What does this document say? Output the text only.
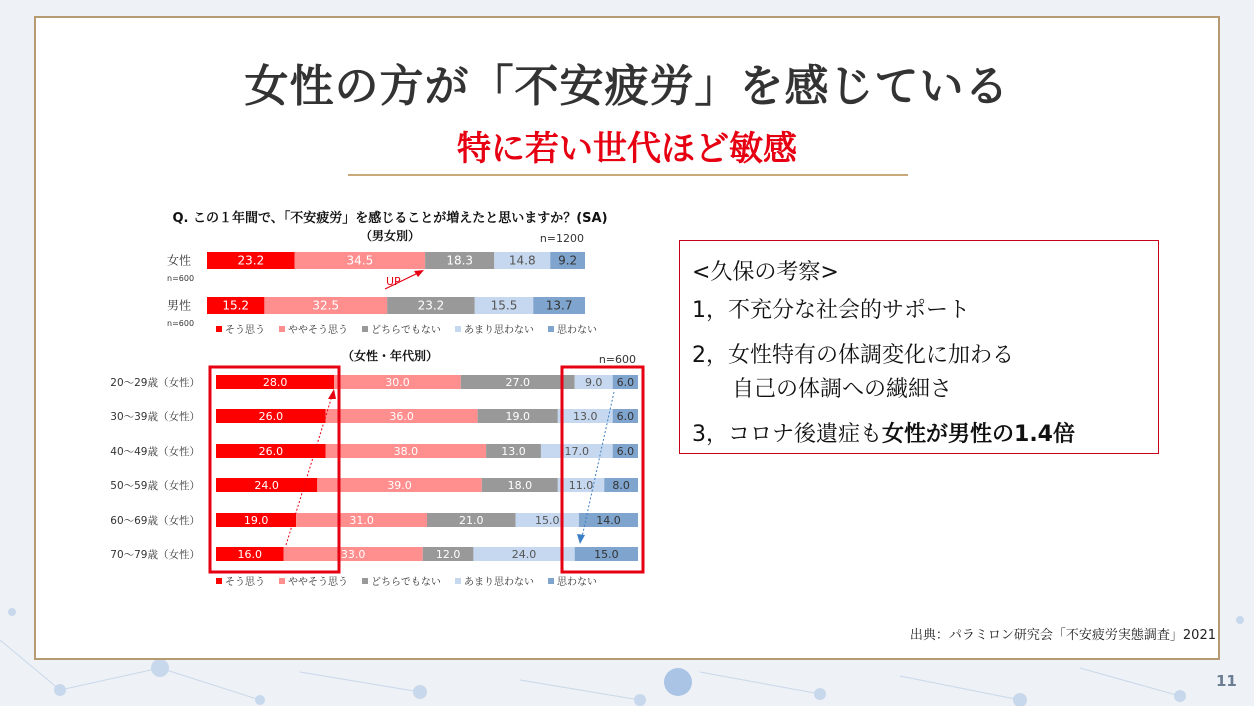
女性の方が「不安疲労」を感じている
特に若い世代ほど敏感
23.2	34.5	18.3	14.8 9.2
女性
n=600
15.2	32.5	23.2	15.5 13.7
男性
n=600
Q. この１年間で、「不安疲労」を感じることが増えたと思いますか？(SA)
（男女別）	n=1200
そう思う ややそう思う どちらでもない あまり思わない 思わない
28.0	30.0	27.0	9.0 6.0
20～29歳（女性）
26.0	36.0	19.0	13.0 6.0
30～39歳（女性）
26.0	38.0	13.0	17.0	6.0
40～49歳（女性）
24.0	39.0	18.0	11.0 8.0
50～59歳（女性）
19.0	31.0	21.0	15.0	14.0
60～69歳（女性）
16.0	33.0	12.0	24.0	15.0
70～79歳（女性）
（女性・年代別）	n=600
そう思う ややそう思う どちらでもない あまり思わない 思わない
UP	<久保の考察>
1，不充分な社会的サポート
2，女性特有の体調変化に加わる
自己の体調への繊細さ
3，コロナ後遺症も女性が男性の1.4倍
出典：パラミロン研究会「不安疲労実態調査」2021
11
